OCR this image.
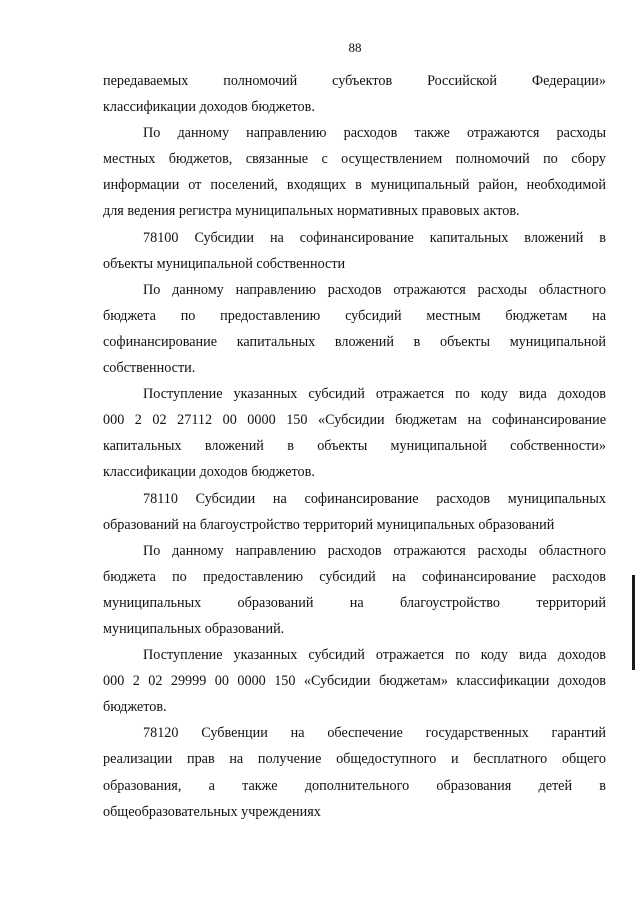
88
передаваемых полномочий субъектов Российской Федерации»
классификации доходов бюджетов.
По данному направлению расходов также отражаются расходы
местных бюджетов, связанные с осуществлением полномочий по сбору
информации от поселений, входящих в муниципальный район, необходимой
для ведения регистра муниципальных нормативных правовых актов.
78100 Субсидии на софинансирование капитальных вложений в
объекты муниципальной собственности
По данному направлению расходов отражаются расходы областного
бюджета по предоставлению субсидий местным бюджетам на
софинансирование капитальных вложений в объекты муниципальной
собственности.
Поступление указанных субсидий отражается по коду вида доходов
000 2 02 27112 00 0000 150 «Субсидии бюджетам на софинансирование
капитальных вложений в объекты муниципальной собственности»
классификации доходов бюджетов.
78110 Субсидии на софинансирование расходов муниципальных
образований на благоустройство территорий муниципальных образований
По данному направлению расходов отражаются расходы областного
бюджета по предоставлению субсидий на софинансирование расходов
муниципальных образований на благоустройство территорий
муниципальных образований.
Поступление указанных субсидий отражается по коду вида доходов
000 2 02 29999 00 0000 150 «Субсидии бюджетам» классификации доходов
бюджетов.
78120 Субвенции на обеспечение государственных гарантий
реализации прав на получение общедоступного и бесплатного общего
образования, а также дополнительного образования детей в
общеобразовательных учреждениях
